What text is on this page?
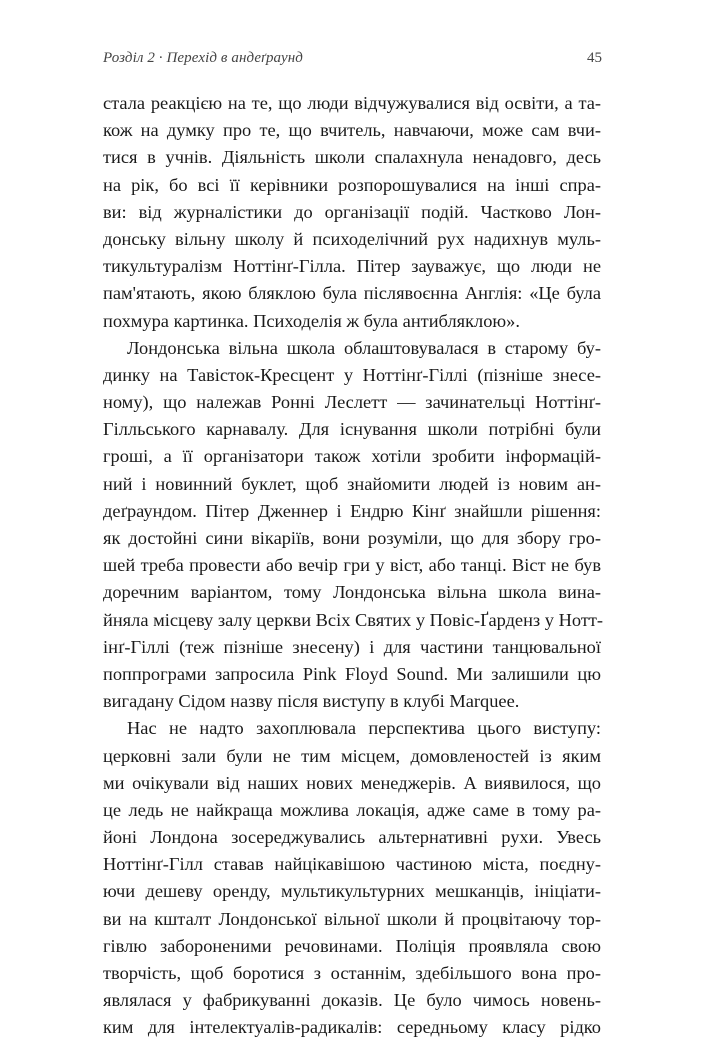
Розділ 2 · Перехід в андеґраунд	45
стала реакцією на те, що люди відчужувалися від освіти, а та-
кож на думку про те, що вчитель, навчаючи, може сам вчи-
тися в учнів. Діяльність школи спалахнула ненадовго, десь
на рік, бо всі її керівники розпорошувалися на інші спра-
ви: від журналістики до організації подій. Частково Лон-
донську вільну школу й психоделічний рух надихнув муль-
тикультуралізм Ноттінґ-Гілла. Пітер зауважує, що люди не
пам'ятають, якою бляклою була післявоєнна Англія: «Це була
похмура картинка. Психоделія ж була антибляклою».
Лондонська вільна школа облаштовувалася в старому бу-
динку на Тавісток-Кресцент у Ноттінґ-Гіллі (пізніше знесе-
ному), що належав Ронні Леслетт — зачинательці Ноттінґ-
Гілльського карнавалу. Для існування школи потрібні були
гроші, а її організатори також хотіли зробити інформацій-
ний і новинний буклет, щоб знайомити людей із новим ан-
деґраундом. Пітер Дженнер і Ендрю Кінґ знайшли рішення:
як достойні сини вікаріїв, вони розуміли, що для збору гро-
шей треба провести або вечір гри у віст, або танці. Віст не був
доречним варіантом, тому Лондонська вільна школа вина-
йняла місцеву залу церкви Всіх Святих у Повіс-Ґарденз у Нотт-
інґ-Гіллі (теж пізніше знесену) і для частини танцювальної
поппрограми запросила Pink Floyd Sound. Ми залишили цю
вигадану Сідом назву після виступу в клубі Marquee.
Нас не надто захоплювала перспектива цього виступу:
церковні зали були не тим місцем, домовленостей із яким
ми очікували від наших нових менеджерів. А виявилося, що
це ледь не найкраща можлива локація, адже саме в тому ра-
йоні Лондона зосереджувались альтернативні рухи. Увесь
Ноттінґ-Гілл ставав найцікавішою частиною міста, поєдну-
ючи дешеву оренду, мультикультурних мешканців, ініціати-
ви на кшталт Лондонської вільної школи й процвітаючу тор-
гівлю забороненими речовинами. Поліція проявляла свою
творчість, щоб боротися з останнім, здебільшого вона про-
являлася у фабрикуванні доказів. Це було чимось новень-
ким для інтелектуалів-радикалів: середньому класу рідко
